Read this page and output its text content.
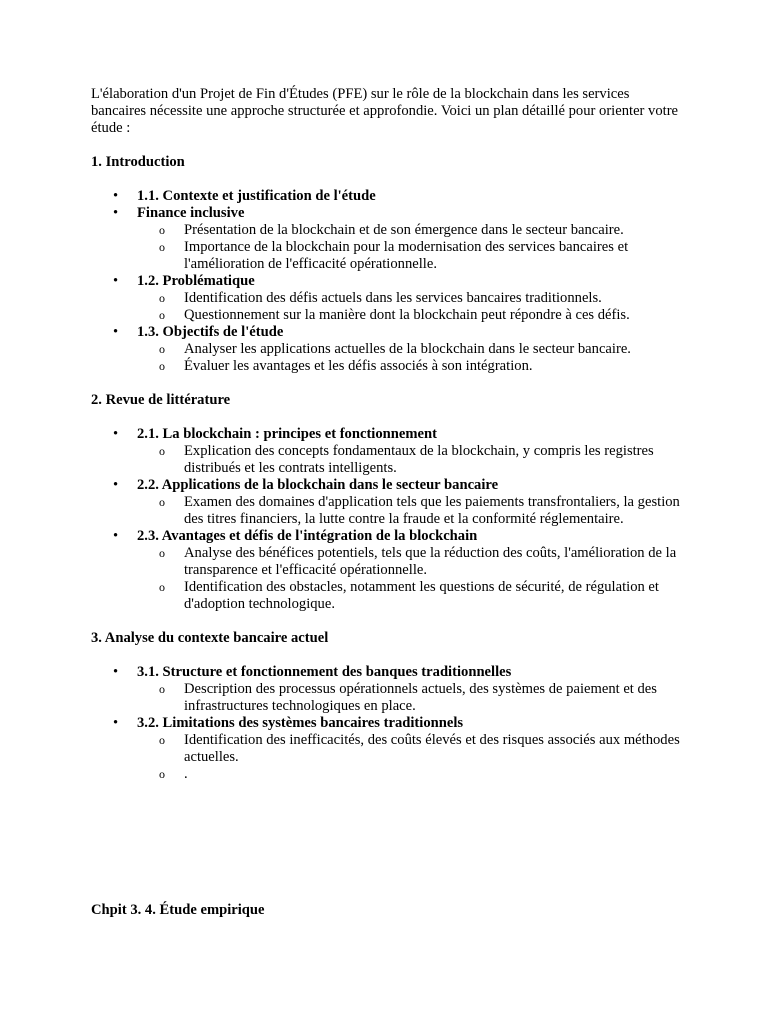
L'élaboration d'un Projet de Fin d'Études (PFE) sur le rôle de la blockchain dans les services bancaires nécessite une approche structurée et approfondie. Voici un plan détaillé pour orienter votre étude :

1. Introduction

• 1.1. Contexte et justification de l'étude
• Finance inclusive
o Présentation de la blockchain et de son émergence dans le secteur bancaire.
o Importance de la blockchain pour la modernisation des services bancaires et l'amélioration de l'efficacité opérationnelle.
• 1.2. Problématique
o Identification des défis actuels dans les services bancaires traditionnels.
o Questionnement sur la manière dont la blockchain peut répondre à ces défis.
• 1.3. Objectifs de l'étude
o Analyser les applications actuelles de la blockchain dans le secteur bancaire.
o Évaluer les avantages et les défis associés à son intégration.

2. Revue de littérature

• 2.1. La blockchain : principes et fonctionnement
o Explication des concepts fondamentaux de la blockchain, y compris les registres distribués et les contrats intelligents.
• 2.2. Applications de la blockchain dans le secteur bancaire
o Examen des domaines d'application tels que les paiements transfrontaliers, la gestion des titres financiers, la lutte contre la fraude et la conformité réglementaire.
• 2.3. Avantages et défis de l'intégration de la blockchain
o Analyse des bénéfices potentiels, tels que la réduction des coûts, l'amélioration de la transparence et l'efficacité opérationnelle.
o Identification des obstacles, notamment les questions de sécurité, de régulation et d'adoption technologique.

3. Analyse du contexte bancaire actuel

• 3.1. Structure et fonctionnement des banques traditionnelles
o Description des processus opérationnels actuels, des systèmes de paiement et des infrastructures technologiques en place.
• 3.2. Limitations des systèmes bancaires traditionnels
o Identification des inefficacités, des coûts élevés et des risques associés aux méthodes actuelles.
o .

Chpit 3. 4. Étude empirique
